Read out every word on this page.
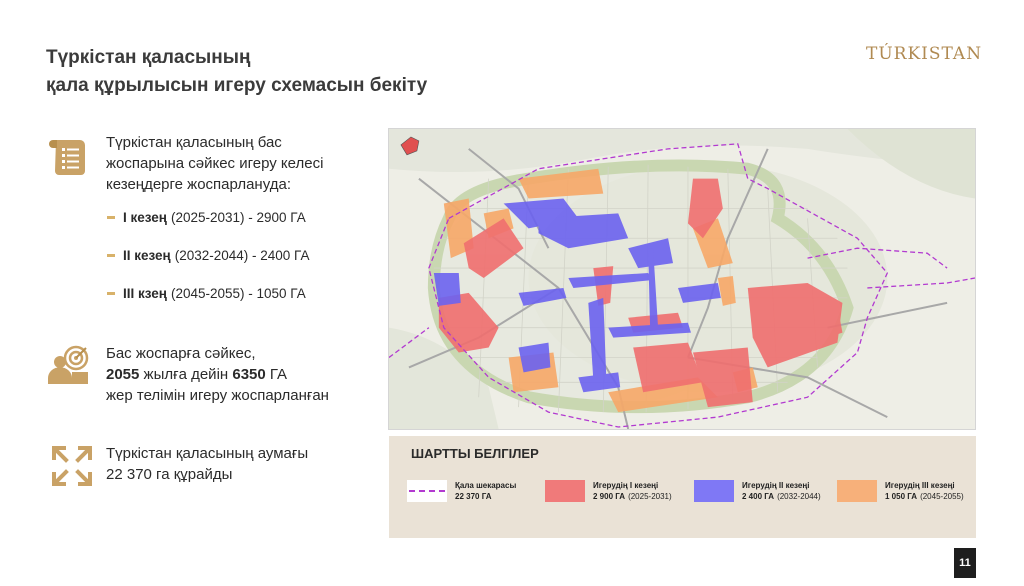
Түркістан қаласының
қала құрылысын игеру схемасын бекіту
TÚRKISTAN

Түркістан қаласының бас
жоспарына сәйкес игеру келесі
кезеңдерге жоспарлануда:

І кезең (2025-2031) - 2900 ГА
ІІ кезең (2032-2044) - 2400 ГА
ІІІ кзең (2045-2055) - 1050 ГА

Бас жоспарға сәйкес,
2055 жылға дейін 6350 ГА
жер телімін игеру жоспарланған

Түркістан қаласының аумағы
22 370 га құрайды

ШАРТТЫ БЕЛГІЛЕР
Қала шекарасы
22 370 ГА
Игерудің І кезеңі
2 900 ГА (2025-2031)
Игерудің ІІ кезеңі
2 400 ГА (2032-2044)
Игерудің ІІІ кезеңі
1 050 ГА (2045-2055)
11
